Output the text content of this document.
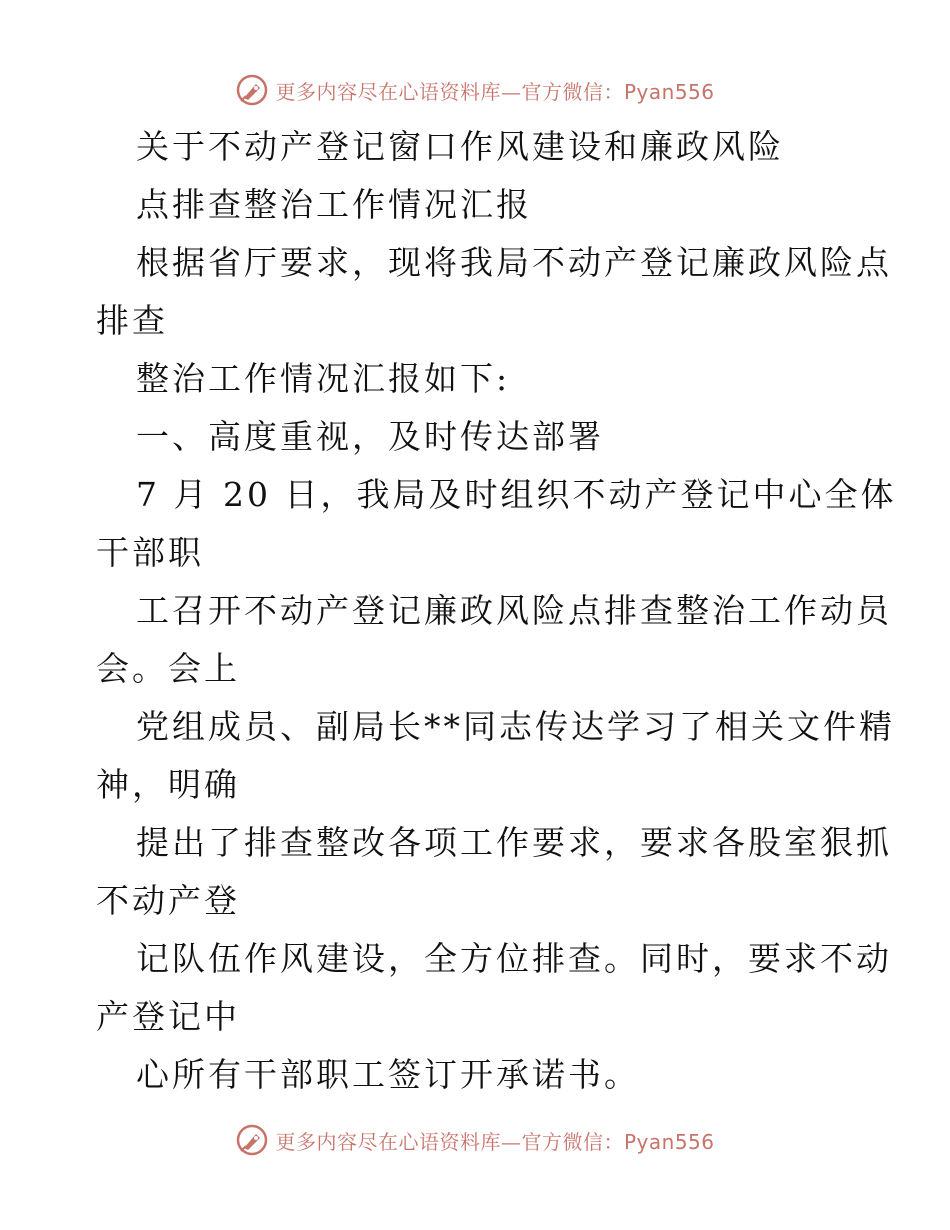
更多内容尽在心语资料库—官方微信：Pyan556
关于不动产登记窗口作风建设和廉政风险
点排查整治工作情况汇报
根据省厅要求，现将我局不动产登记廉政风险点
排查
整治工作情况汇报如下:
一、高度重视，及时传达部署
7 月 20 日，我局及时组织不动产登记中心全体
干部职
工召开不动产登记廉政风险点排查整治工作动员
会。会上
党组成员、副局长**同志传达学习了相关文件精
神，明确
提出了排查整改各项工作要求，要求各股室狠抓
不动产登
记队伍作风建设，全方位排查。同时，要求不动
产登记中
心所有干部职工签订开承诺书。
更多内容尽在心语资料库—官方微信：Pyan556
